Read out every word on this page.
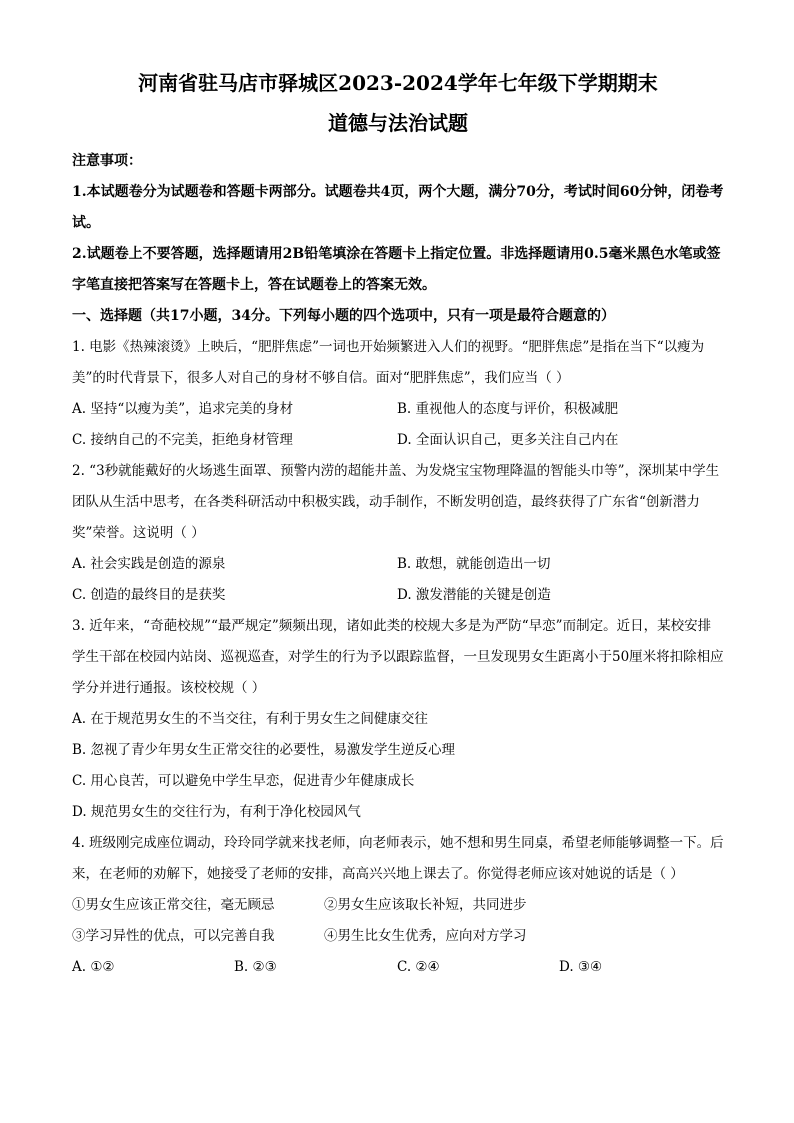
河南省驻马店市驿城区2023-2024学年七年级下学期期末

道德与法治试题

注意事项：

1.本试题卷分为试题卷和答题卡两部分。试题卷共4页，两个大题，满分70分，考试时间60分钟，闭卷考试。

2.试题卷上不要答题，选择题请用2B铅笔填涂在答题卡上指定位置。非选择题请用0.5毫米黑色水笔或签字笔直接把答案写在答题卡上，答在试题卷上的答案无效。

一、选择题（共17小题，34分。下列每小题的四个选项中，只有一项是最符合题意的）

1. 电影《热辣滚烫》上映后，“肥胖焦虑”一词也开始频繁进入人们的视野。“肥胖焦虑”是指在当下“以瘦为美”的时代背景下，很多人对自己的身材不够自信。面对“肥胖焦虑”，我们应当（ ）

A. 坚持“以瘦为美”，追求完美的身材	B. 重视他人的态度与评价，积极减肥
C. 接纳自己的不完美，拒绝身材管理	D. 全面认识自己，更多关注自己内在

2. “3秒就能戴好的火场逃生面罩、预警内涝的超能井盖、为发烧宝宝物理降温的智能头巾等”，深圳某中学生团队从生活中思考，在各类科研活动中积极实践，动手制作，不断发明创造，最终获得了广东省“创新潜力奖”荣誉。这说明（ ）

A. 社会实践是创造的源泉	B. 敢想，就能创造出一切
C. 创造的最终目的是获奖	D. 激发潜能的关键是创造

3. 近年来，“奇葩校规”“最严规定”频频出现，诸如此类的校规大多是为严防“早恋”而制定。近日，某校安排学生干部在校园内站岗、巡视巡查，对学生的行为予以跟踪监督，一旦发现男女生距离小于50厘米将扣除相应学分并进行通报。该校校规（ ）

A. 在于规范男女生的不当交往，有利于男女生之间健康交往

B. 忽视了青少年男女生正常交往的必要性，易激发学生逆反心理

C. 用心良苦，可以避免中学生早恋，促进青少年健康成长

D. 规范男女生的交往行为，有利于净化校园风气

4. 班级刚完成座位调动，玲玲同学就来找老师，向老师表示，她不想和男生同桌，希望老师能够调整一下。后来，在老师的劝解下，她接受了老师的安排，高高兴兴地上课去了。你觉得老师应该对她说的话是（ ）

①男女生应该正常交往，毫无顾忌	②男女生应该取长补短，共同进步
③学习异性的优点，可以完善自我	④男生比女生优秀，应向对方学习
A. ①②	B. ②③	C. ②④	D. ③④
